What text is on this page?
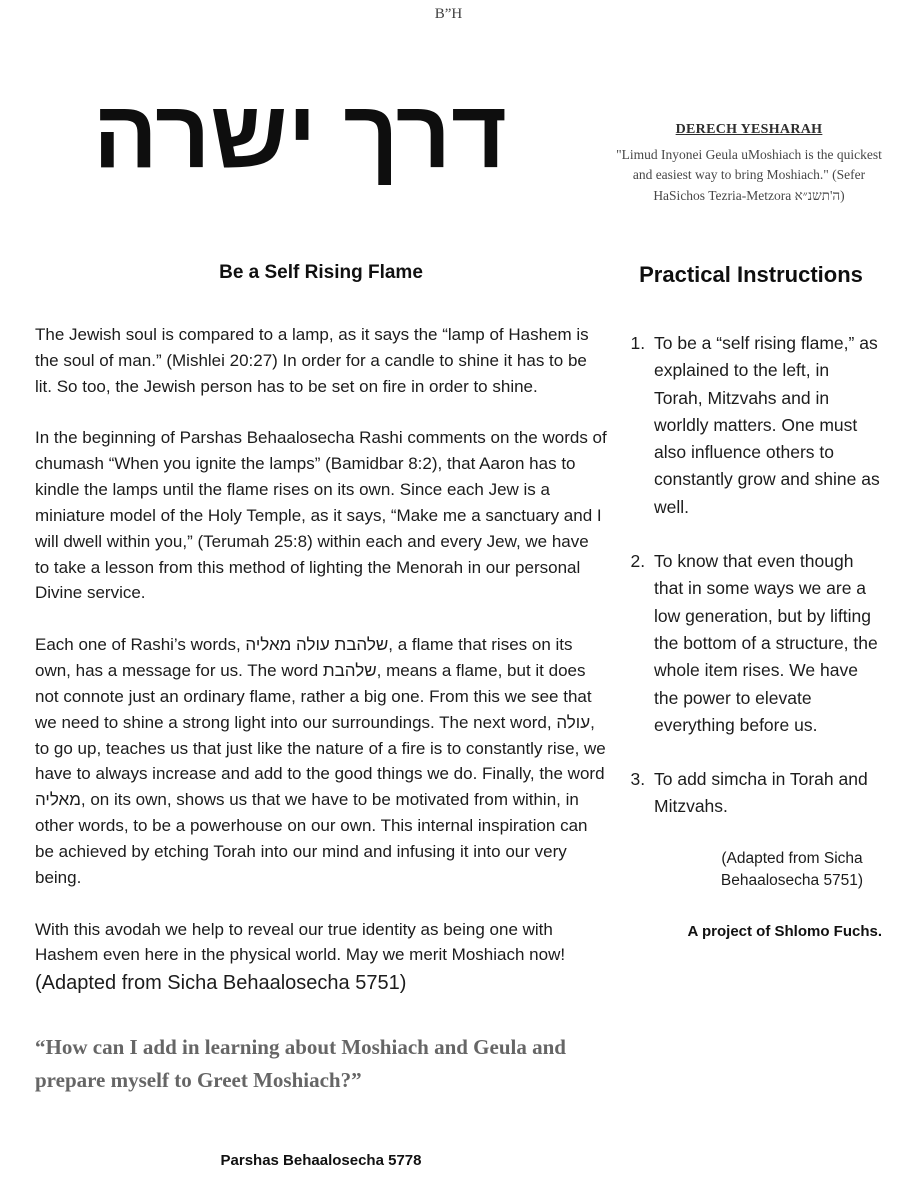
B”H
דרך ישרה	DERECH YESHARAH
"Limud Inyonei Geula uMoshiach is the quickest and easiest way to bring Moshiach." (Sefer HaSichos Tezria-Metzora ה'תשנ״א)
Be a Self Rising Flame

The Jewish soul is compared to a lamp, as it says the “lamp of Hashem is the soul of man.” (Mishlei 20:27) In order for a candle to shine it has to be lit. So too, the Jewish person has to be set on fire in order to shine.

In the beginning of Parshas Behaalosecha Rashi comments on the words of chumash “When you ignite the lamps” (Bamidbar 8:2), that Aaron has to kindle the lamps until the flame rises on its own. Since each Jew is a miniature model of the Holy Temple, as it says, “Make me a sanctuary and I will dwell within you,” (Terumah 25:8) within each and every Jew, we have to take a lesson from this method of lighting the Menorah in our personal Divine service.

Each one of Rashi’s words, שלהבת עולה מאליה, a flame that rises on its own, has a message for us. The word שלהבת, means a flame, but it does not connote just an ordinary flame, rather a big one. From this we see that we need to shine a strong light into our surroundings. The next word, עולה, to go up, teaches us that just like the nature of a fire is to constantly rise, we have to always increase and add to the good things we do. Finally, the word מאליה, on its own, shows us that we have to be motivated from within, in other words, to be a powerhouse on our own. This internal inspiration can be achieved by etching Torah into our mind and infusing it into our very being.

With this avodah we help to reveal our true identity as being one with Hashem even here in the physical world. May we merit Moshiach now!

(Adapted from Sicha Behaalosecha 5751)

“How can I add in learning about Moshiach and Geula and prepare myself to Greet Moshiach?”

Practical Instructions
1. To be a “self rising flame,” as explained to the left, in Torah, Mitzvahs and in worldly matters. One must also influence others to constantly grow and shine as well.
2. To know that even though that in some ways we are a low generation, but by lifting the bottom of a structure, the whole item rises. We have the power to elevate everything before us.
3. To add simcha in Torah and Mitzvahs.
(Adapted from Sicha Behaalosecha 5751)
A project of Shlomo Fuchs.
Parshas Behaalosecha 5778
